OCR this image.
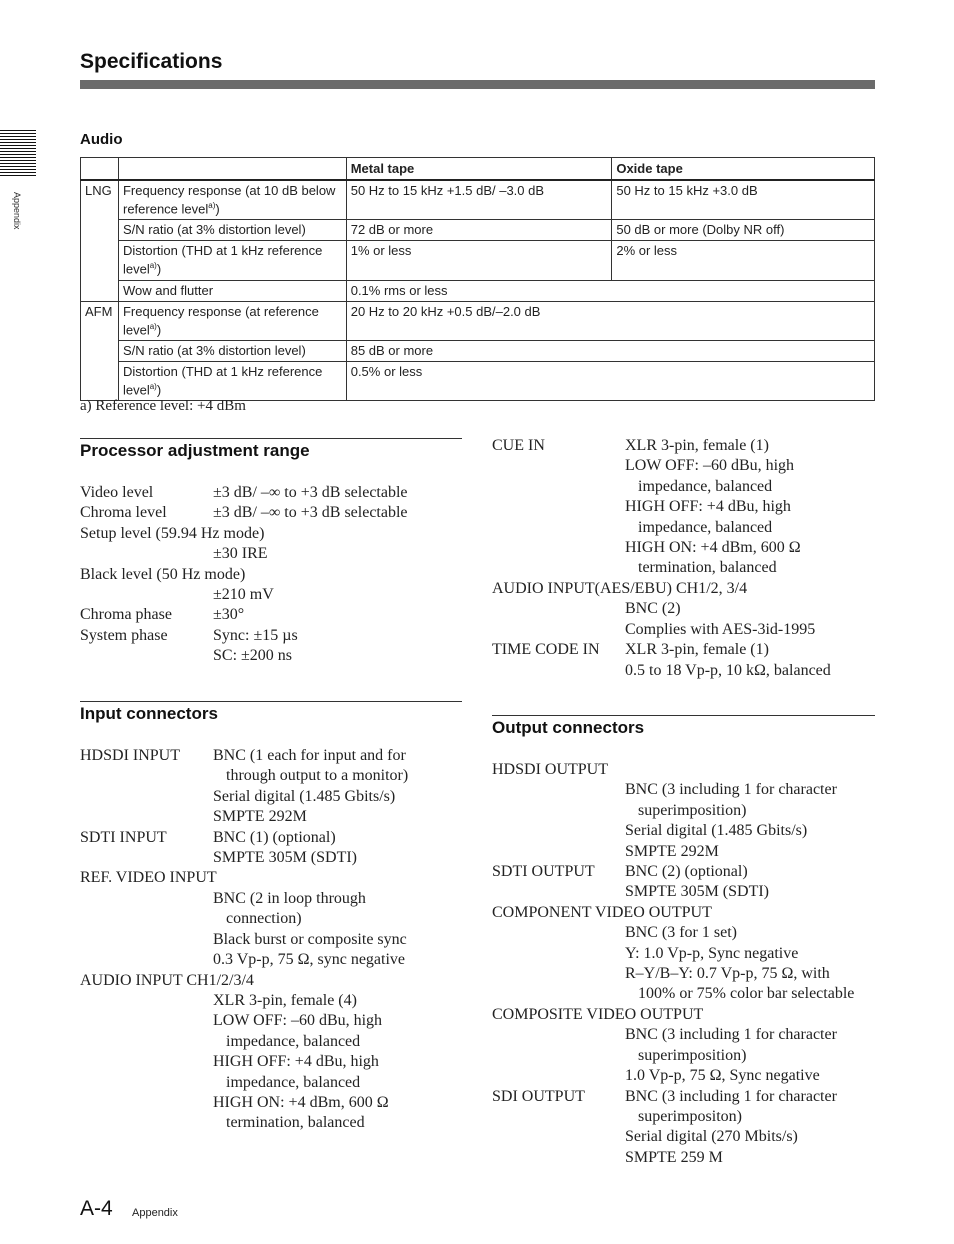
Specifications
Appendix
Audio
		Metal tape	Oxide tape
LNG	Frequency response (at 10 dB below reference level$^{a)}$)	50 Hz to 15 kHz +1.5 dB/ –3.0 dB	50 Hz to 15 kHz +3.0 dB
	S/N ratio (at 3% distortion level)	72 dB or more	50 dB or more (Dolby NR off)
	Distortion (THD at 1 kHz reference level$^{a)}$)	1% or less	2% or less
	Wow and flutter	0.1% rms or less	
AFM	Frequency response (at reference level$^{a)}$)	20 Hz to 20 kHz +0.5 dB/–2.0 dB	
	S/N ratio (at 3% distortion level)	85 dB or more	
	Distortion (THD at 1 kHz reference level$^{a)}$)	0.5% or less	
a) Reference level: +4 dBm
Processor adjustment range
Video level	±3 dB/ –∞ to +3 dB selectable
Chroma level	±3 dB/ –∞ to +3 dB selectable
Setup level (59.94 Hz mode)
±30 IRE
Black level (50 Hz mode)
±210 mV
Chroma phase	±30°
System phase	Sync: ±15 µs
SC: ±200 ns
Input connectors
HDSDI INPUT	BNC (1 each for input and for
through output to a monitor)
Serial digital (1.485 Gbits/s)
SMPTE 292M
SDTI INPUT	BNC (1) (optional)
SMPTE 305M (SDTI)
REF. VIDEO INPUT
BNC (2 in loop through
connection)
Black burst or composite sync
0.3 Vp-p, 75 Ω, sync negative
AUDIO INPUT CH1/2/3/4
XLR 3-pin, female (4)
LOW OFF: –60 dBu, high
impedance, balanced
HIGH OFF: +4 dBu, high
impedance, balanced
HIGH ON: +4 dBm, 600 Ω
termination, balanced
CUE IN	XLR 3-pin, female (1)
LOW OFF: –60 dBu, high
impedance, balanced
HIGH OFF: +4 dBu, high
impedance, balanced
HIGH ON: +4 dBm, 600 Ω
termination, balanced
AUDIO INPUT(AES/EBU) CH1/2, 3/4
BNC (2)
Complies with AES-3id-1995
TIME CODE IN	XLR 3-pin, female (1)
0.5 to 18 Vp-p, 10 kΩ, balanced
Output connectors
HDSDI OUTPUT
BNC (3 including 1 for character
superimposition)
Serial digital (1.485 Gbits/s)
SMPTE 292M
SDTI OUTPUT	BNC (2) (optional)
SMPTE 305M (SDTI)
COMPONENT VIDEO OUTPUT
BNC (3 for 1 set)
Y: 1.0 Vp-p, Sync negative
R–Y/B–Y: 0.7 Vp-p, 75 Ω, with
100% or 75% color bar selectable
COMPOSITE VIDEO OUTPUT
BNC (3 including 1 for character
superimposition)
1.0 Vp-p, 75 Ω, Sync negative
SDI OUTPUT	BNC (3 including 1 for character
superimpositon)
Serial digital (270 Mbits/s)
SMPTE 259 M
A-4 Appendix
